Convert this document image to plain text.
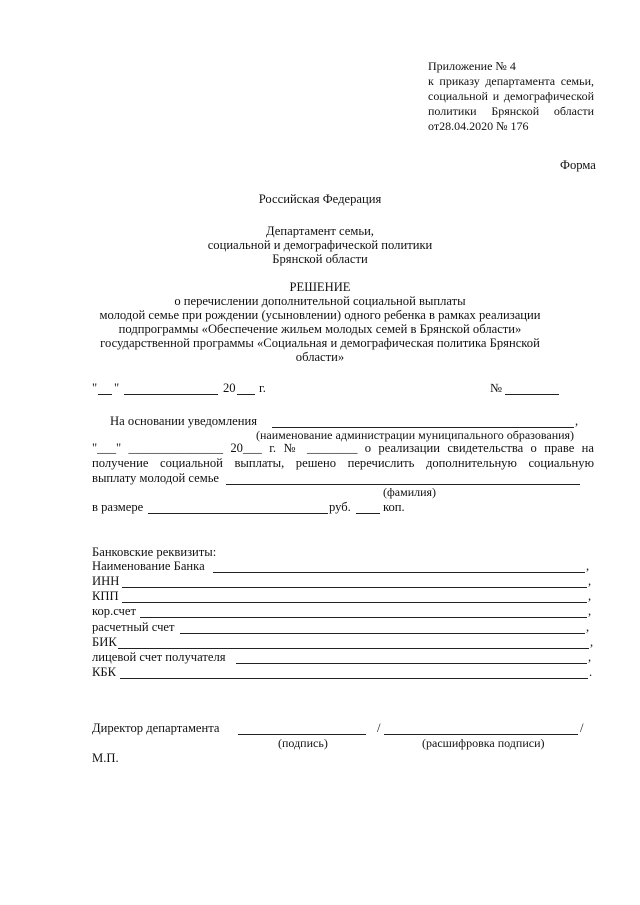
Приложение № 4
к приказу департамента семьи,
социальной и демографической
политики Брянской области
от28.04.2020 № 176
Форма
Российская Федерация
Департамент семьи,
социальной и демографической политики
Брянской области
РЕШЕНИЕ
о перечислении дополнительной социальной выплаты
молодой семье при рождении (усыновлении) одного ребенка в рамках реализации
подпрограммы «Обеспечение жильем молодых семей в Брянской области»
государственной программы «Социальная и демографическая политика Брянской
области»
" "	20 г.	№
На основании уведомления	,
(наименование администрации муниципального образования)
"___" _______________ 20___ г. № ________ о реализации свидетельства о праве на
получение социальной выплаты, решено перечислить дополнительную социальную
выплату молодой семье
(фамилия)
в размере	руб.	коп.
Банковские реквизиты:
Наименование Банка	,
ИНН	,
КПП	,
кор.счет	,
расчетный счет	,
БИК	,
лицевой счет получателя	,
КБК	.
Директор департамента	/	/
(подпись)	(расшифровка подписи)
М.П.
